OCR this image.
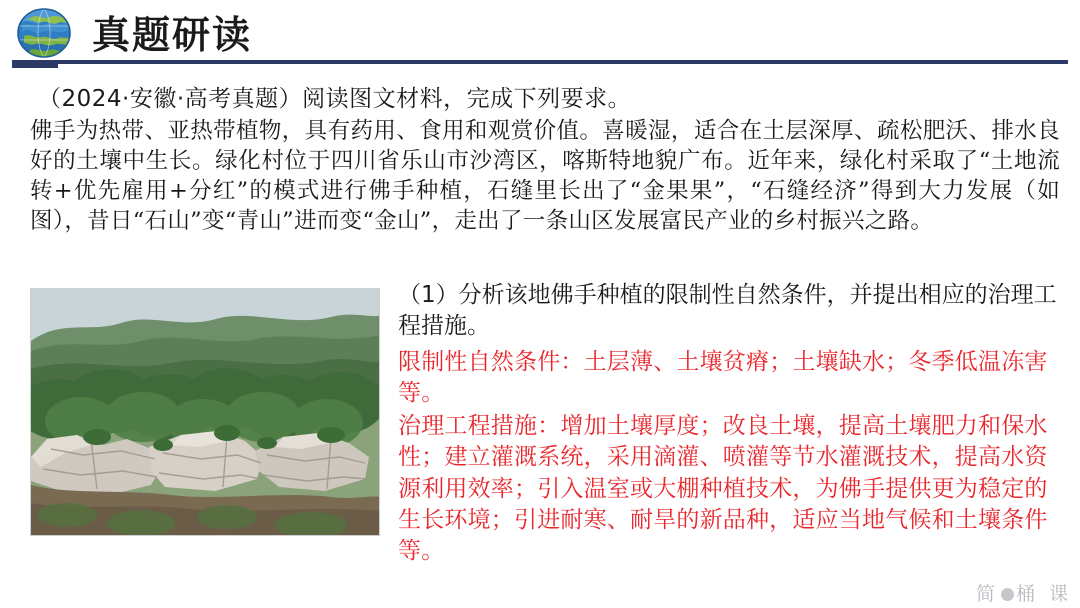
真题研读
（2024·安徽·高考真题）阅读图文材料，完成下列要求。
佛手为热带、亚热带植物，具有药用、食用和观赏价值。喜暖湿，适合在土层深厚、疏松肥沃、排水良好的土壤中生长。绿化村位于四川省乐山市沙湾区，喀斯特地貌广布。近年来，绿化村采取了“土地流转+优先雇用+分红”的模式进行佛手种植，石缝里长出了“金果果”，“石缝经济”得到大力发展（如图），昔日“石山”变“青山”进而变“金山”，走出了一条山区发展富民产业的乡村振兴之路。
（1）分析该地佛手种植的限制性自然条件，并提出相应的治理工程措施。
限制性自然条件：土层薄、土壤贫瘠；土壤缺水；冬季低温冻害等。
治理工程措施：增加土壤厚度；改良土壤，提高土壤肥力和保水性；建立灌溉系统，采用滴灌、喷灌等节水灌溉技术，提高水资源利用效率；引入温室或大棚种植技术，为佛手提供更为稳定的生长环境；引进耐寒、耐旱的新品种，适应当地气候和土壤条件等。
简 桶 课
